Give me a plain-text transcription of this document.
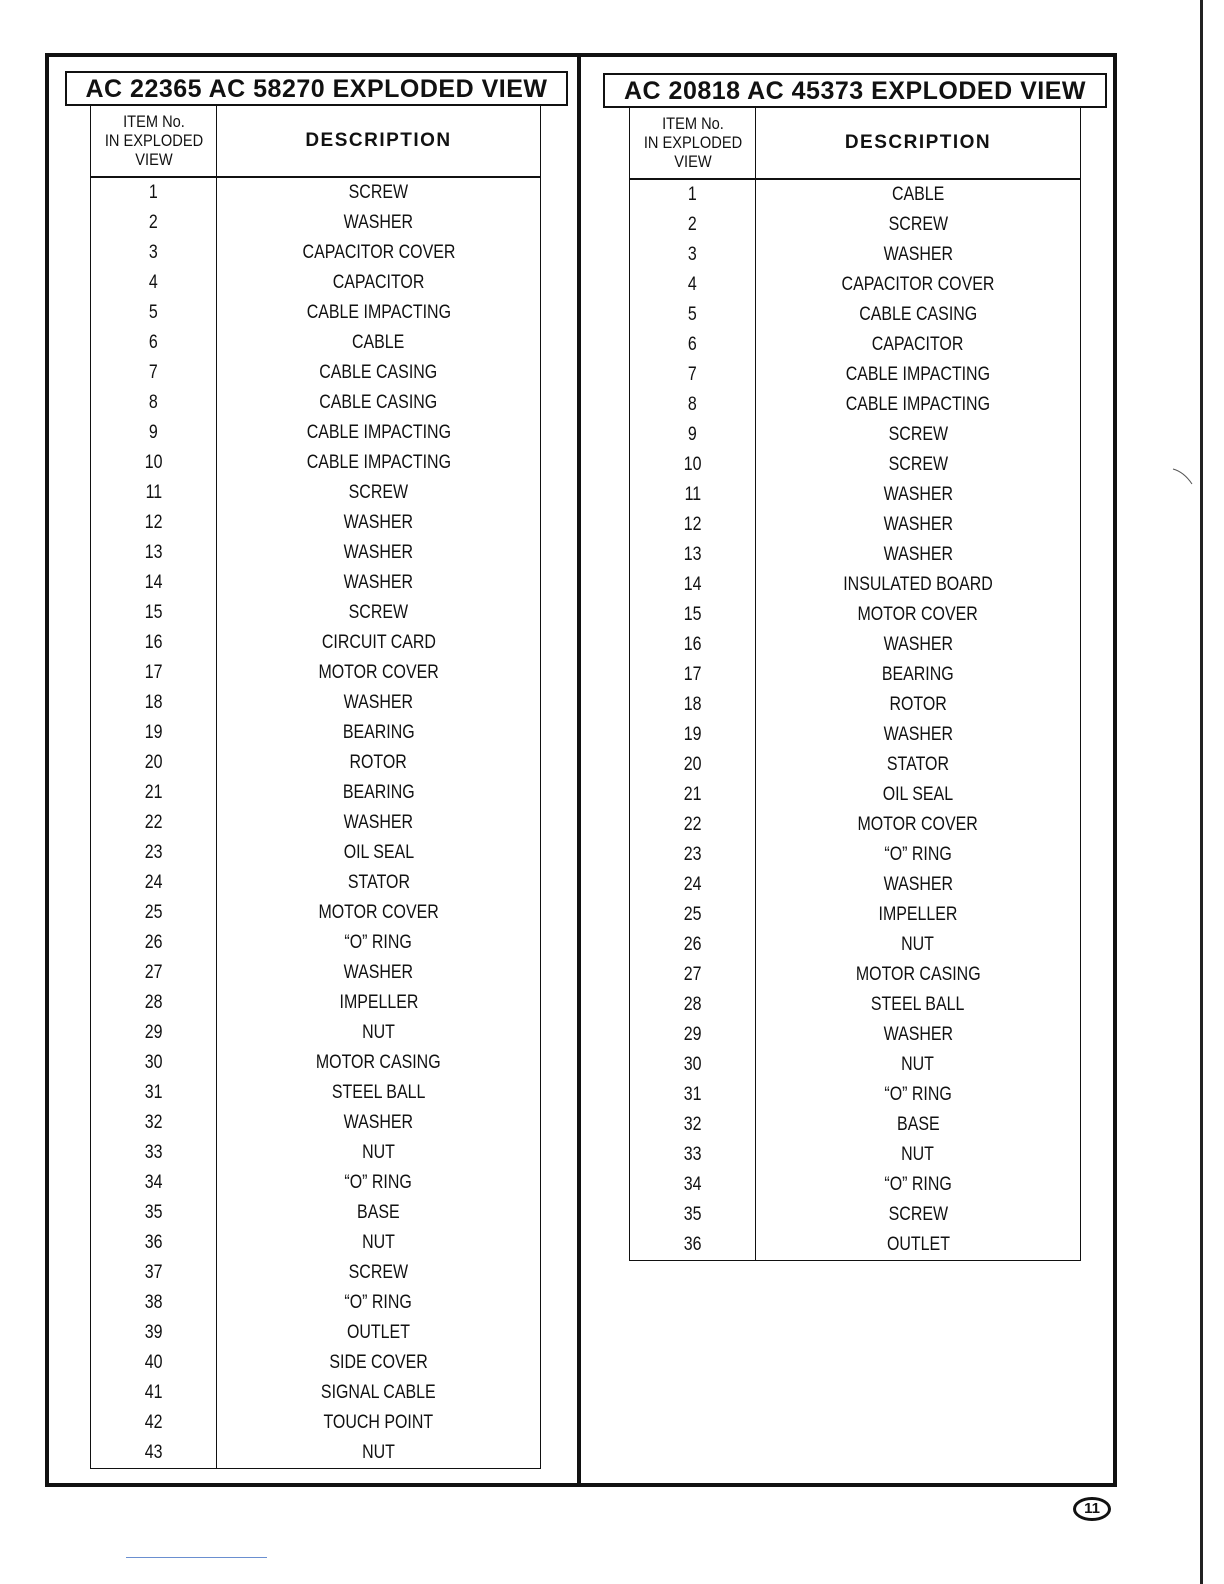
AC 22365 AC 58270 EXPLODED VIEW
ITEM No.
IN EXPLODED
VIEW	DESCRIPTION
1	SCREW
2	WASHER
3	CAPACITOR COVER
4	CAPACITOR
5	CABLE IMPACTING
6	CABLE
7	CABLE CASING
8	CABLE CASING
9	CABLE IMPACTING
10	CABLE IMPACTING
11	SCREW
12	WASHER
13	WASHER
14	WASHER
15	SCREW
16	CIRCUIT CARD
17	MOTOR COVER
18	WASHER
19	BEARING
20	ROTOR
21	BEARING
22	WASHER
23	OIL SEAL
24	STATOR
25	MOTOR COVER
26	“O” RING
27	WASHER
28	IMPELLER
29	NUT
30	MOTOR CASING
31	STEEL BALL
32	WASHER
33	NUT
34	“O” RING
35	BASE
36	NUT
37	SCREW
38	“O” RING
39	OUTLET
40	SIDE COVER
41	SIGNAL CABLE
42	TOUCH POINT
43	NUT
AC 20818 AC 45373 EXPLODED VIEW
ITEM No.
IN EXPLODED
VIEW	DESCRIPTION
1	CABLE
2	SCREW
3	WASHER
4	CAPACITOR COVER
5	CABLE CASING
6	CAPACITOR
7	CABLE IMPACTING
8	CABLE IMPACTING
9	SCREW
10	SCREW
11	WASHER
12	WASHER
13	WASHER
14	INSULATED BOARD
15	MOTOR COVER
16	WASHER
17	BEARING
18	ROTOR
19	WASHER
20	STATOR
21	OIL SEAL
22	MOTOR COVER
23	“O” RING
24	WASHER
25	IMPELLER
26	NUT
27	MOTOR CASING
28	STEEL BALL
29	WASHER
30	NUT
31	“O” RING
32	BASE
33	NUT
34	“O” RING
35	SCREW
36	OUTLET
11
